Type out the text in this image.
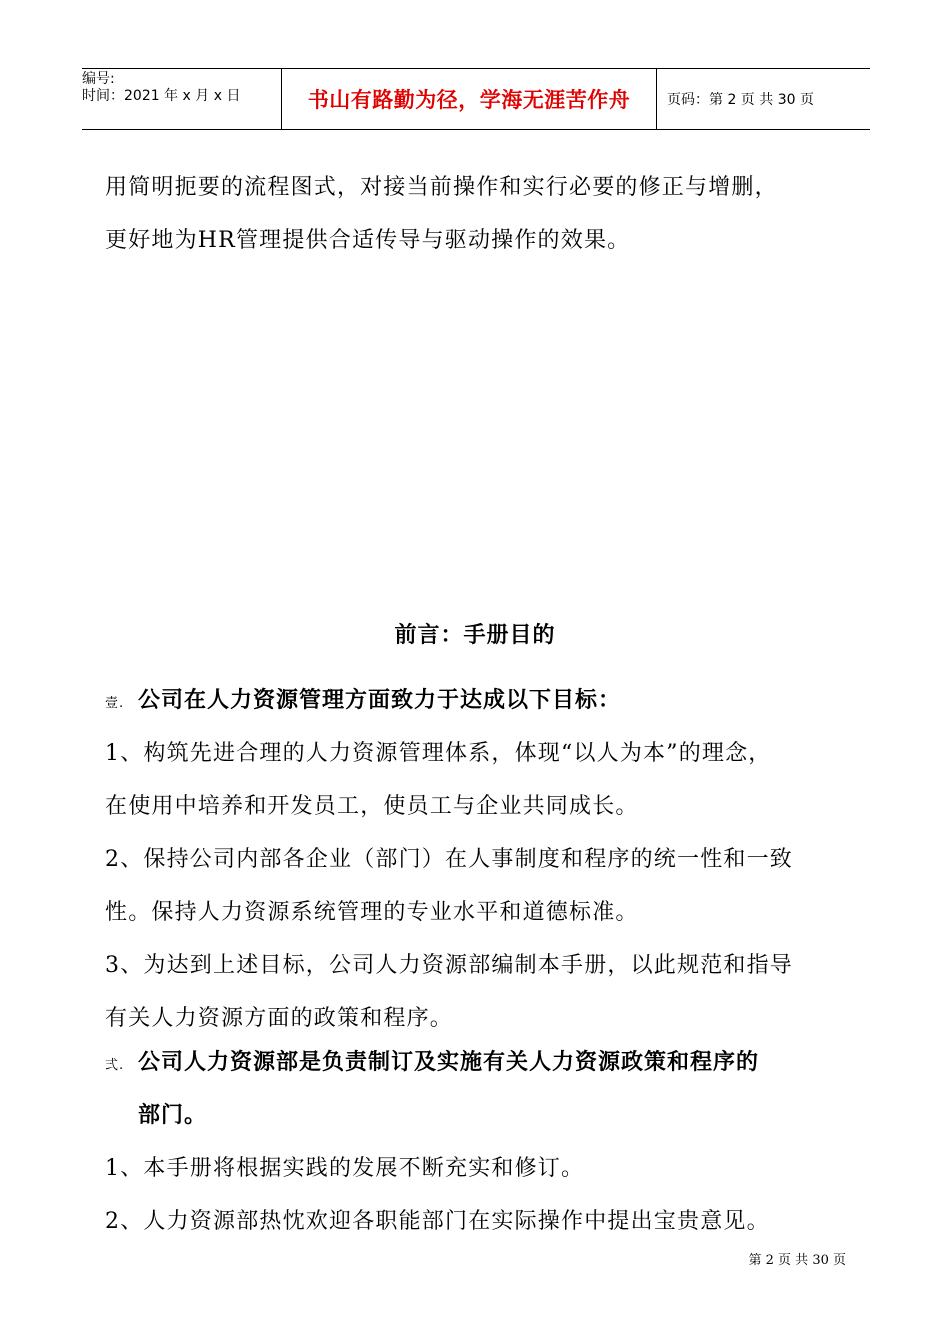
编号:
时间：2021 年 x 月 x 日	书山有路勤为径，学海无涯苦作舟	页码：第 2 页 共 30 页
用简明扼要的流程图式，对接当前操作和实行必要的修正与增删，
更好地为HR管理提供合适传导与驱动操作的效果。
前言：手册目的
壹. 公司在人力资源管理方面致力于达成以下目标：
1、构筑先进合理的人力资源管理体系，体现“以人为本”的理念，
在使用中培养和开发员工，使员工与企业共同成长。
2、保持公司内部各企业（部门）在人事制度和程序的统一性和一致
性。保持人力资源系统管理的专业水平和道德标准。
3、为达到上述目标，公司人力资源部编制本手册，以此规范和指导
有关人力资源方面的政策和程序。
弍. 公司人力资源部是负责制订及实施有关人力资源政策和程序的
部门。
1、本手册将根据实践的发展不断充实和修订。
2、人力资源部热忱欢迎各职能部门在实际操作中提出宝贵意见。
第 2 页 共 30 页
